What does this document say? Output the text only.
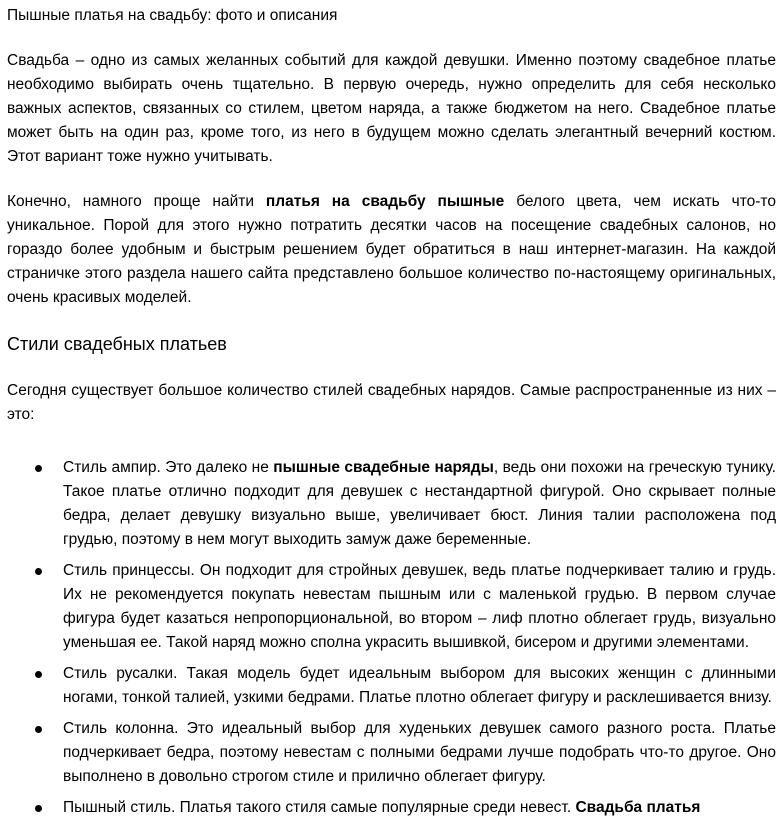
Пышные платья на свадьбу: фото и описания

Свадьба – одно из самых желанных событий для каждой девушки. Именно поэтому свадебное платье необходимо выбирать очень тщательно. В первую очередь, нужно определить для себя несколько важных аспектов, связанных со стилем, цветом наряда, а также бюджетом на него. Свадебное платье может быть на один раз, кроме того, из него в будущем можно сделать элегантный вечерний костюм. Этот вариант тоже нужно учитывать.

Конечно, намного проще найти платья на свадьбу пышные белого цвета, чем искать что-то уникальное. Порой для этого нужно потратить десятки часов на посещение свадебных салонов, но гораздо более удобным и быстрым решением будет обратиться в наш интернет-магазин. На каждой страничке этого раздела нашего сайта представлено большое количество по-настоящему оригинальных, очень красивых моделей.

Стили свадебных платьев

Сегодня существует большое количество стилей свадебных нарядов. Самые распространенные из них – это:

Стиль ампир. Это далеко не пышные свадебные наряды, ведь они похожи на греческую тунику. Такое платье отлично подходит для девушек с нестандартной фигурой. Оно скрывает полные бедра, делает девушку визуально выше, увеличивает бюст. Линия талии расположена под грудью, поэтому в нем могут выходить замуж даже беременные.
Стиль принцессы. Он подходит для стройных девушек, ведь платье подчеркивает талию и грудь. Их не рекомендуется покупать невестам пышным или с маленькой грудью. В первом случае фигура будет казаться непропорциональной, во втором – лиф плотно облегает грудь, визуально уменьшая ее. Такой наряд можно сполна украсить вышивкой, бисером и другими элементами.
Стиль русалки. Такая модель будет идеальным выбором для высоких женщин с длинными ногами, тонкой талией, узкими бедрами. Платье плотно облегает фигуру и расклешивается внизу.
Стиль колонна. Это идеальный выбор для худеньких девушек самого разного роста. Платье подчеркивает бедра, поэтому невестам с полными бедрами лучше подобрать что-то другое. Оно выполнено в довольно строгом стиле и прилично облегает фигуру.
Пышный стиль. Платья такого стиля самые популярные среди невест. Свадьба платья
